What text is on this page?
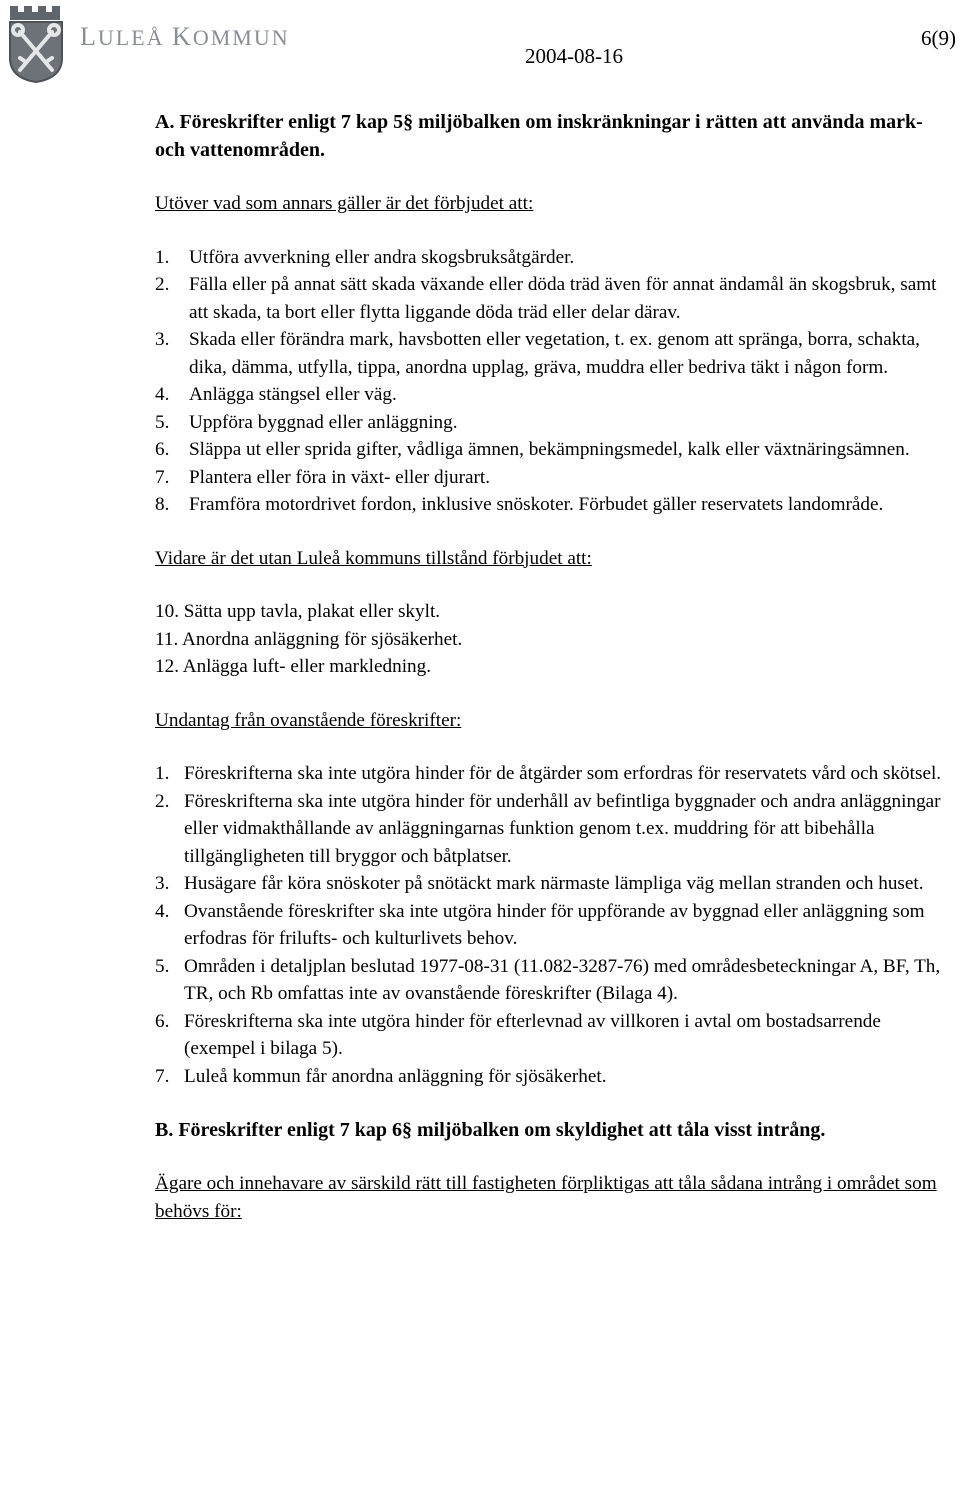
LULEÅ KOMMUN
2004-08-16
6(9)
A. Föreskrifter enligt 7 kap 5§ miljöbalken om inskränkningar i rätten att använda mark- och vattenområden.

Utöver vad som annars gäller är det förbjudet att:

1. Utföra avverkning eller andra skogsbruksåtgärder.
2. Fälla eller på annat sätt skada växande eller döda träd även för annat ändamål än skogsbruk, samt att skada, ta bort eller flytta liggande döda träd eller delar därav.
3. Skada eller förändra mark, havsbotten eller vegetation, t. ex. genom att spränga, borra, schakta, dika, dämma, utfylla, tippa, anordna upplag, gräva, muddra eller bedriva täkt i någon form.
4. Anlägga stängsel eller väg.
5. Uppföra byggnad eller anläggning.
6. Släppa ut eller sprida gifter, vådliga ämnen, bekämpningsmedel, kalk eller växtnäringsämnen.
7. Plantera eller föra in växt- eller djurart.
8. Framföra motordrivet fordon, inklusive snöskoter. Förbudet gäller reservatets landområde.

Vidare är det utan Luleå kommuns tillstånd förbjudet att:

10. Sätta upp tavla, plakat eller skylt.
11. Anordna anläggning för sjösäkerhet.
12. Anlägga luft- eller markledning.

Undantag från ovanstående föreskrifter:

1. Föreskrifterna ska inte utgöra hinder för de åtgärder som erfordras för reservatets vård och skötsel.
2. Föreskrifterna ska inte utgöra hinder för underhåll av befintliga byggnader och andra anläggningar eller vidmakthållande av anläggningarnas funktion genom t.ex. muddring för att bibehålla tillgängligheten till bryggor och båtplatser.
3. Husägare får köra snöskoter på snötäckt mark närmaste lämpliga väg mellan stranden och huset.
4. Ovanstående föreskrifter ska inte utgöra hinder för uppförande av byggnad eller anläggning som erfodras för frilufts- och kulturlivets behov.
5. Områden i detaljplan beslutad 1977-08-31 (11.082-3287-76) med områdesbeteckningar A, BF, Th, TR, och Rb omfattas inte av ovanstående föreskrifter (Bilaga 4).
6. Föreskrifterna ska inte utgöra hinder för efterlevnad av villkoren i avtal om bostadsarrende (exempel i bilaga 5).
7. Luleå kommun får anordna anläggning för sjösäkerhet.
B. Föreskrifter enligt 7 kap 6§ miljöbalken om skyldighet att tåla visst intrång.

Ägare och innehavare av särskild rätt till fastigheten förpliktigas att tåla sådana intrång i området som behövs för:
